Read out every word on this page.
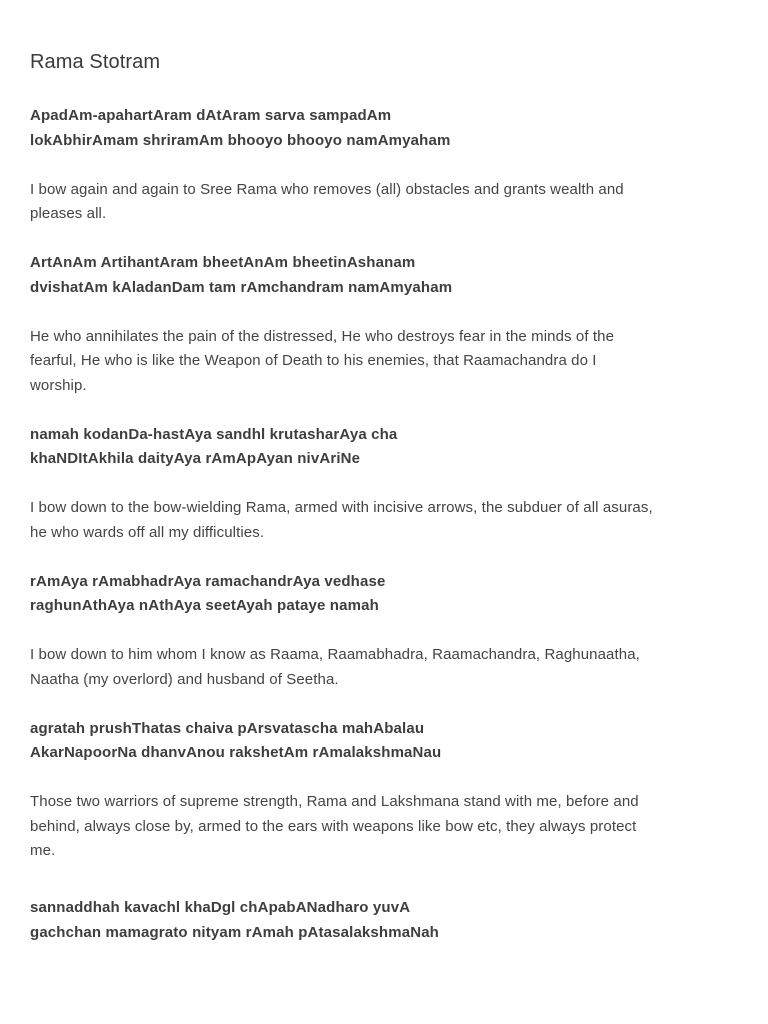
Rama Stotram
ApadAm-apahartAram dAtAram sarva sampadAm
lokAbhirAmam shriramAm bhooyo bhooyo namAmyaham

I bow again and again to Sree Rama who removes (all) obstacles and grants wealth and pleases all.

ArtAnAm ArtihantAram bheetAnAm bheetinAshanam
dvishatAm kAladanDam tam rAmchandram namAmyaham

He who annihilates the pain of the distressed, He who destroys fear in the minds of the fearful, He who is like the Weapon of Death to his enemies, that Raamachandra do I worship.

namah kodanDa-hastAya sandhl krutasharAya cha
khaNDItAkhila daityAya rAmApAyan nivAriNe

I bow down to the bow-wielding Rama, armed with incisive arrows, the subduer of all asuras, he who wards off all my difficulties.

rAmAya rAmabhadrAya ramachandrAya vedhase
raghunAthAya nAthAya seetAyah pataye namah

I bow down to him whom I know as Raama, Raamabhadra, Raamachandra, Raghunaatha, Naatha (my overlord) and husband of Seetha.

agratah prushThatas chaiva pArsvatascha mahAbalau
AkarNapoorNa dhanvAnou rakshetAm rAmalakshmaNau

Those two warriors of supreme strength, Rama and Lakshmana stand with me, before and behind, always close by, armed to the ears with weapons like bow etc, they always protect me.

sannaddhah kavachl khaDgl chApabANadharo yuvA
gachchan mamagrato nityam rAmah pAtasalakshmaNah
